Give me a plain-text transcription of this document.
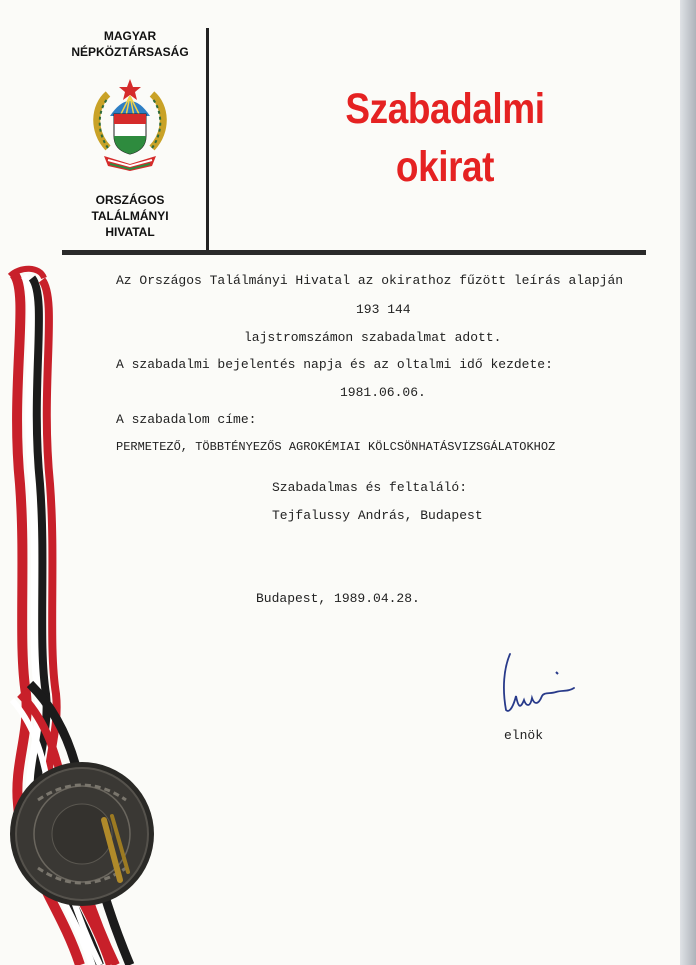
MAGYAR
NÉPKÖZTÁRSASÁG
ORSZÁGOS
TALÁLMÁNYI
HIVATAL
Szabadalmi
okirat
Az Országos Találmányi Hivatal az okirathoz fűzött leírás alapján
193 144
lajstromszámon szabadalmat adott.
A szabadalmi bejelentés napja és az oltalmi idő kezdete:
1981.06.06.
A szabadalom címe:
PERMETEZŐ, TÖBBTÉNYEZŐS AGROKÉMIAI KÖLCSÖNHATÁSVIZSGÁLATOKHOZ
Szabadalmas és feltaláló:
Tejfalussy András, Budapest
Budapest, 1989.04.28.
elnök
